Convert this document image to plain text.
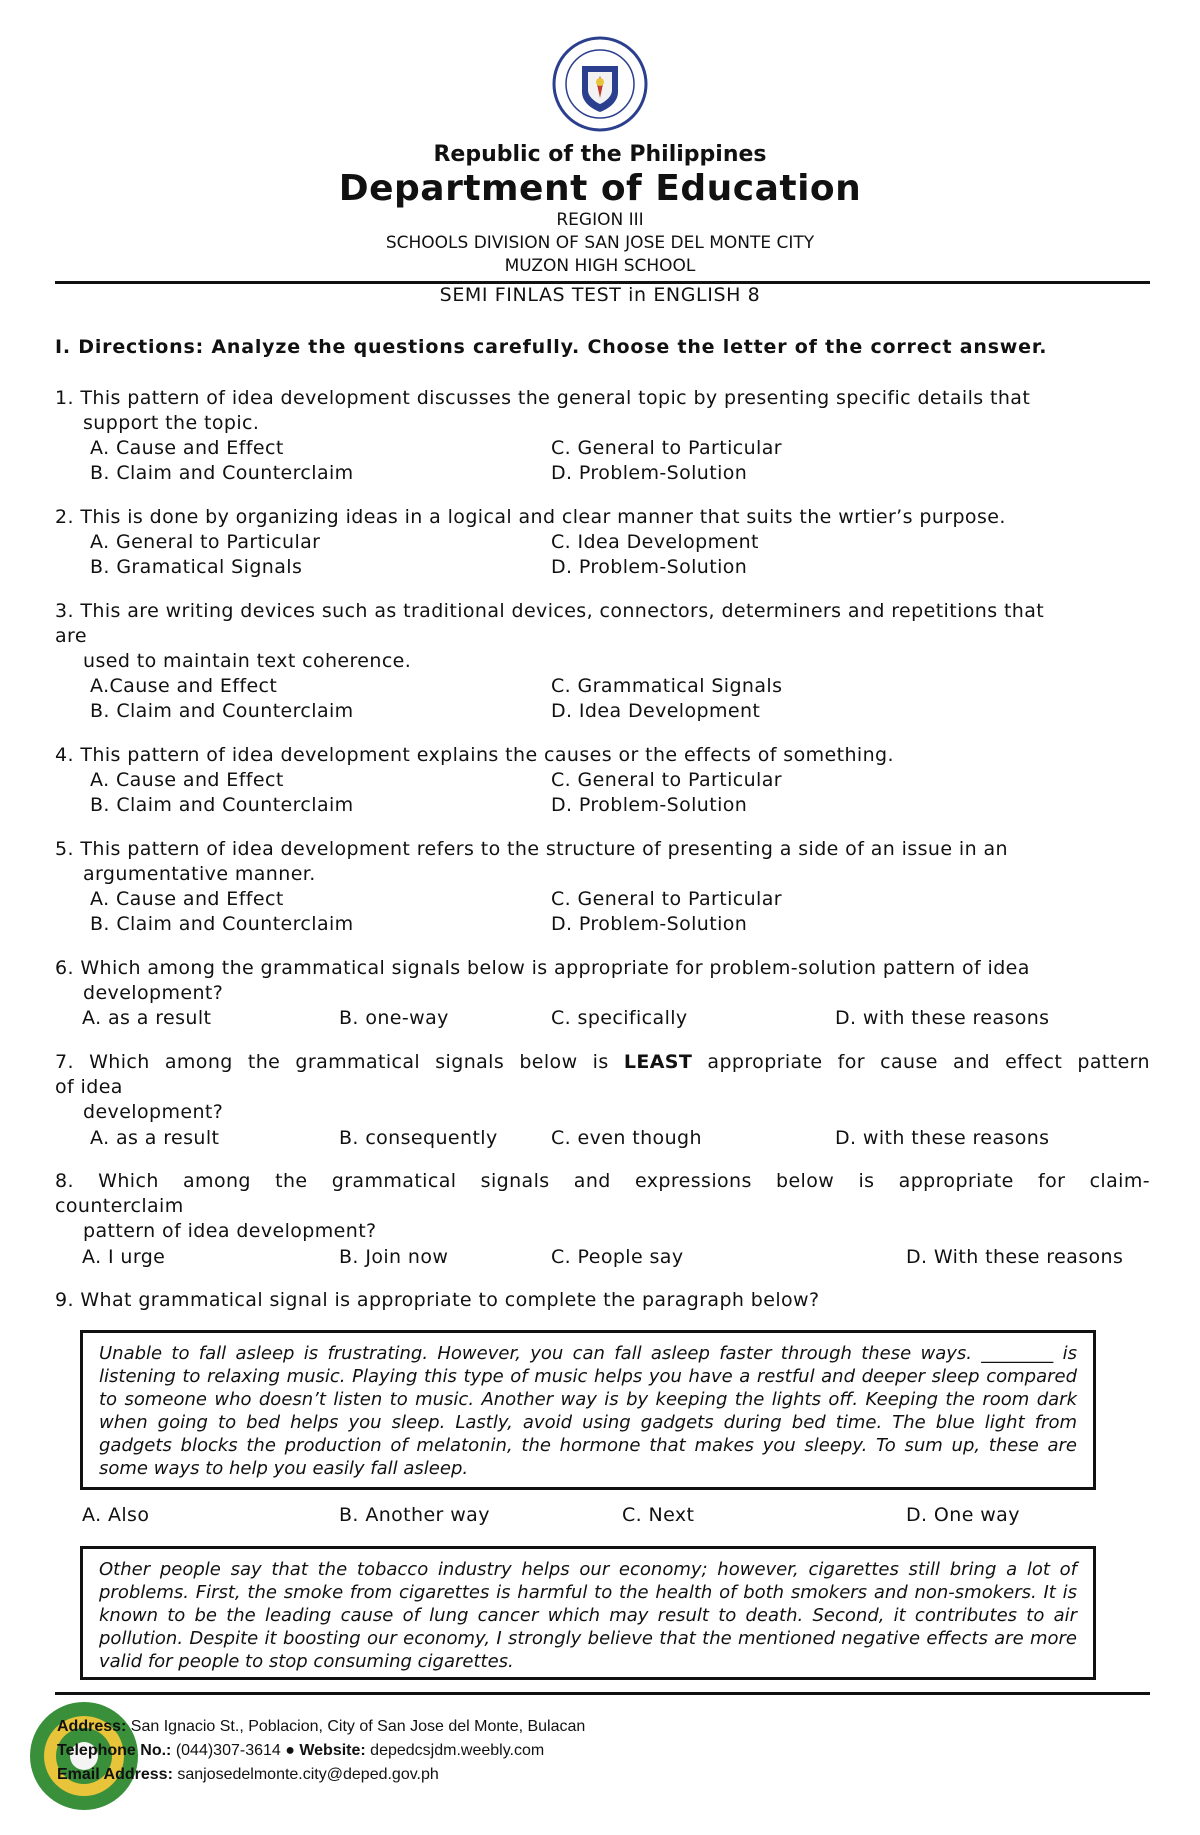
Republic of the Philippines
Department of Education
REGION III
SCHOOLS DIVISION OF SAN JOSE DEL MONTE CITY
MUZON HIGH SCHOOL
SEMI FINLAS TEST in ENGLISH 8
I. Directions: Analyze the questions carefully. Choose the letter of the correct answer.
1. This pattern of idea development discusses the general topic by presenting specific details that
support the topic.
A. Cause and Effect
B. Claim and Counterclaim
C. General to Particular
D. Problem-Solution
2. This is done by organizing ideas in a logical and clear manner that suits the wrtier’s purpose.
A. General to Particular
B. Gramatical Signals
C. Idea Development
D. Problem-Solution
3. This are writing devices such as traditional devices, connectors, determiners and repetitions that
are
used to maintain text coherence.
A.Cause and Effect
B. Claim and Counterclaim
C. Grammatical Signals
D. Idea Development
4. This pattern of idea development explains the causes or the effects of something.
A. Cause and Effect
B. Claim and Counterclaim
C. General to Particular
D. Problem-Solution
5. This pattern of idea development refers to the structure of presenting a side of an issue in an
argumentative manner.
A. Cause and Effect
B. Claim and Counterclaim
C. General to Particular
D. Problem-Solution
6. Which among the grammatical signals below is appropriate for problem-solution pattern of idea
development?
A. as a result	B. one-way	C. specifically	D. with these reasons
7. Which among the grammatical signals below is LEAST appropriate for cause and effect pattern
of idea
development?
A. as a result	B. consequently	C. even though	D. with these reasons
8. Which among the grammatical signals and expressions below is appropriate for claim-
counterclaim
pattern of idea development?
A. I urge	B. Join now	C. People say	D. With these reasons
9. What grammatical signal is appropriate to complete the paragraph below?
Unable to fall asleep is frustrating. However, you can fall asleep faster through these ways. ________ is listening to relaxing music. Playing this type of music helps you have a restful and deeper sleep compared to someone who doesn’t listen to music. Another way is by keeping the lights off. Keeping the room dark when going to bed helps you sleep. Lastly, avoid using gadgets during bed time. The blue light from gadgets blocks the production of melatonin, the hormone that makes you sleepy. To sum up, these are some ways to help you easily fall asleep.
A. Also	B. Another way	C. Next	D. One way
Other people say that the tobacco industry helps our economy; however, cigarettes still bring a lot of problems. First, the smoke from cigarettes is harmful to the health of both smokers and non-smokers. It is known to be the leading cause of lung cancer which may result to death. Second, it contributes to air pollution. Despite it boosting our economy, I strongly believe that the mentioned negative effects are more valid for people to stop consuming cigarettes.
Address: San Ignacio St., Poblacion, City of San Jose del Monte, Bulacan
Telephone No.: (044)307-3614 ● Website: depedcsjdm.weebly.com
Email Address: sanjosedelmonte.city@deped.gov.ph
